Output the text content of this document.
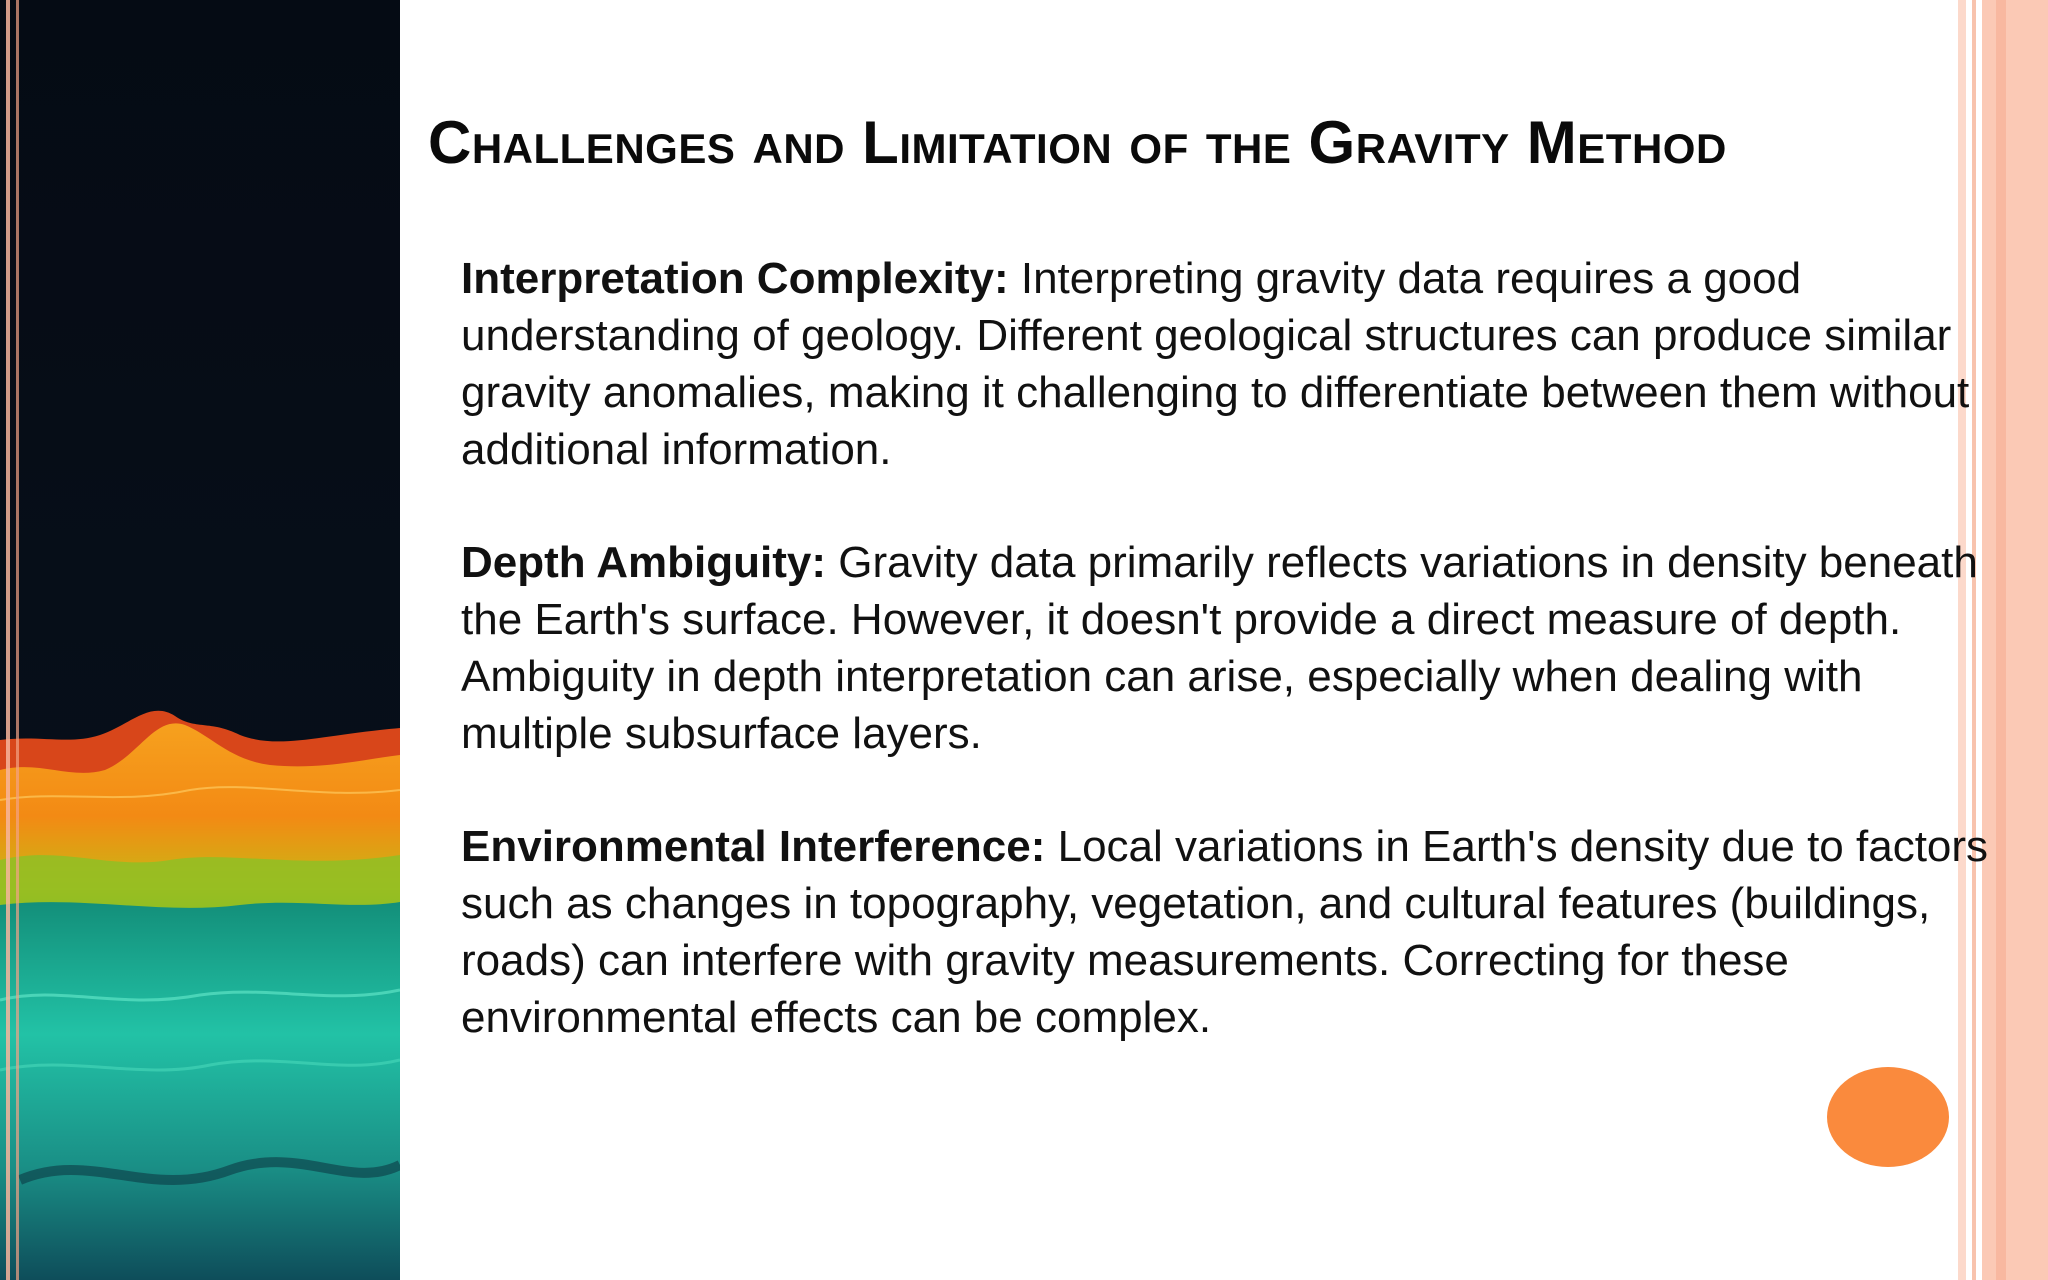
Challenges and Limitation of the Gravity Method

Interpretation Complexity: Interpreting gravity data requires a good understanding of geology. Different geological structures can produce similar gravity anomalies, making it challenging to differentiate between them without additional information.

Depth Ambiguity: Gravity data primarily reflects variations in density beneath the Earth's surface. However, it doesn't provide a direct measure of depth. Ambiguity in depth interpretation can arise, especially when dealing with multiple subsurface layers.

Environmental Interference: Local variations in Earth's density due to factors such as changes in topography, vegetation, and cultural features (buildings, roads) can interfere with gravity measurements. Correcting for these environmental effects can be complex.
